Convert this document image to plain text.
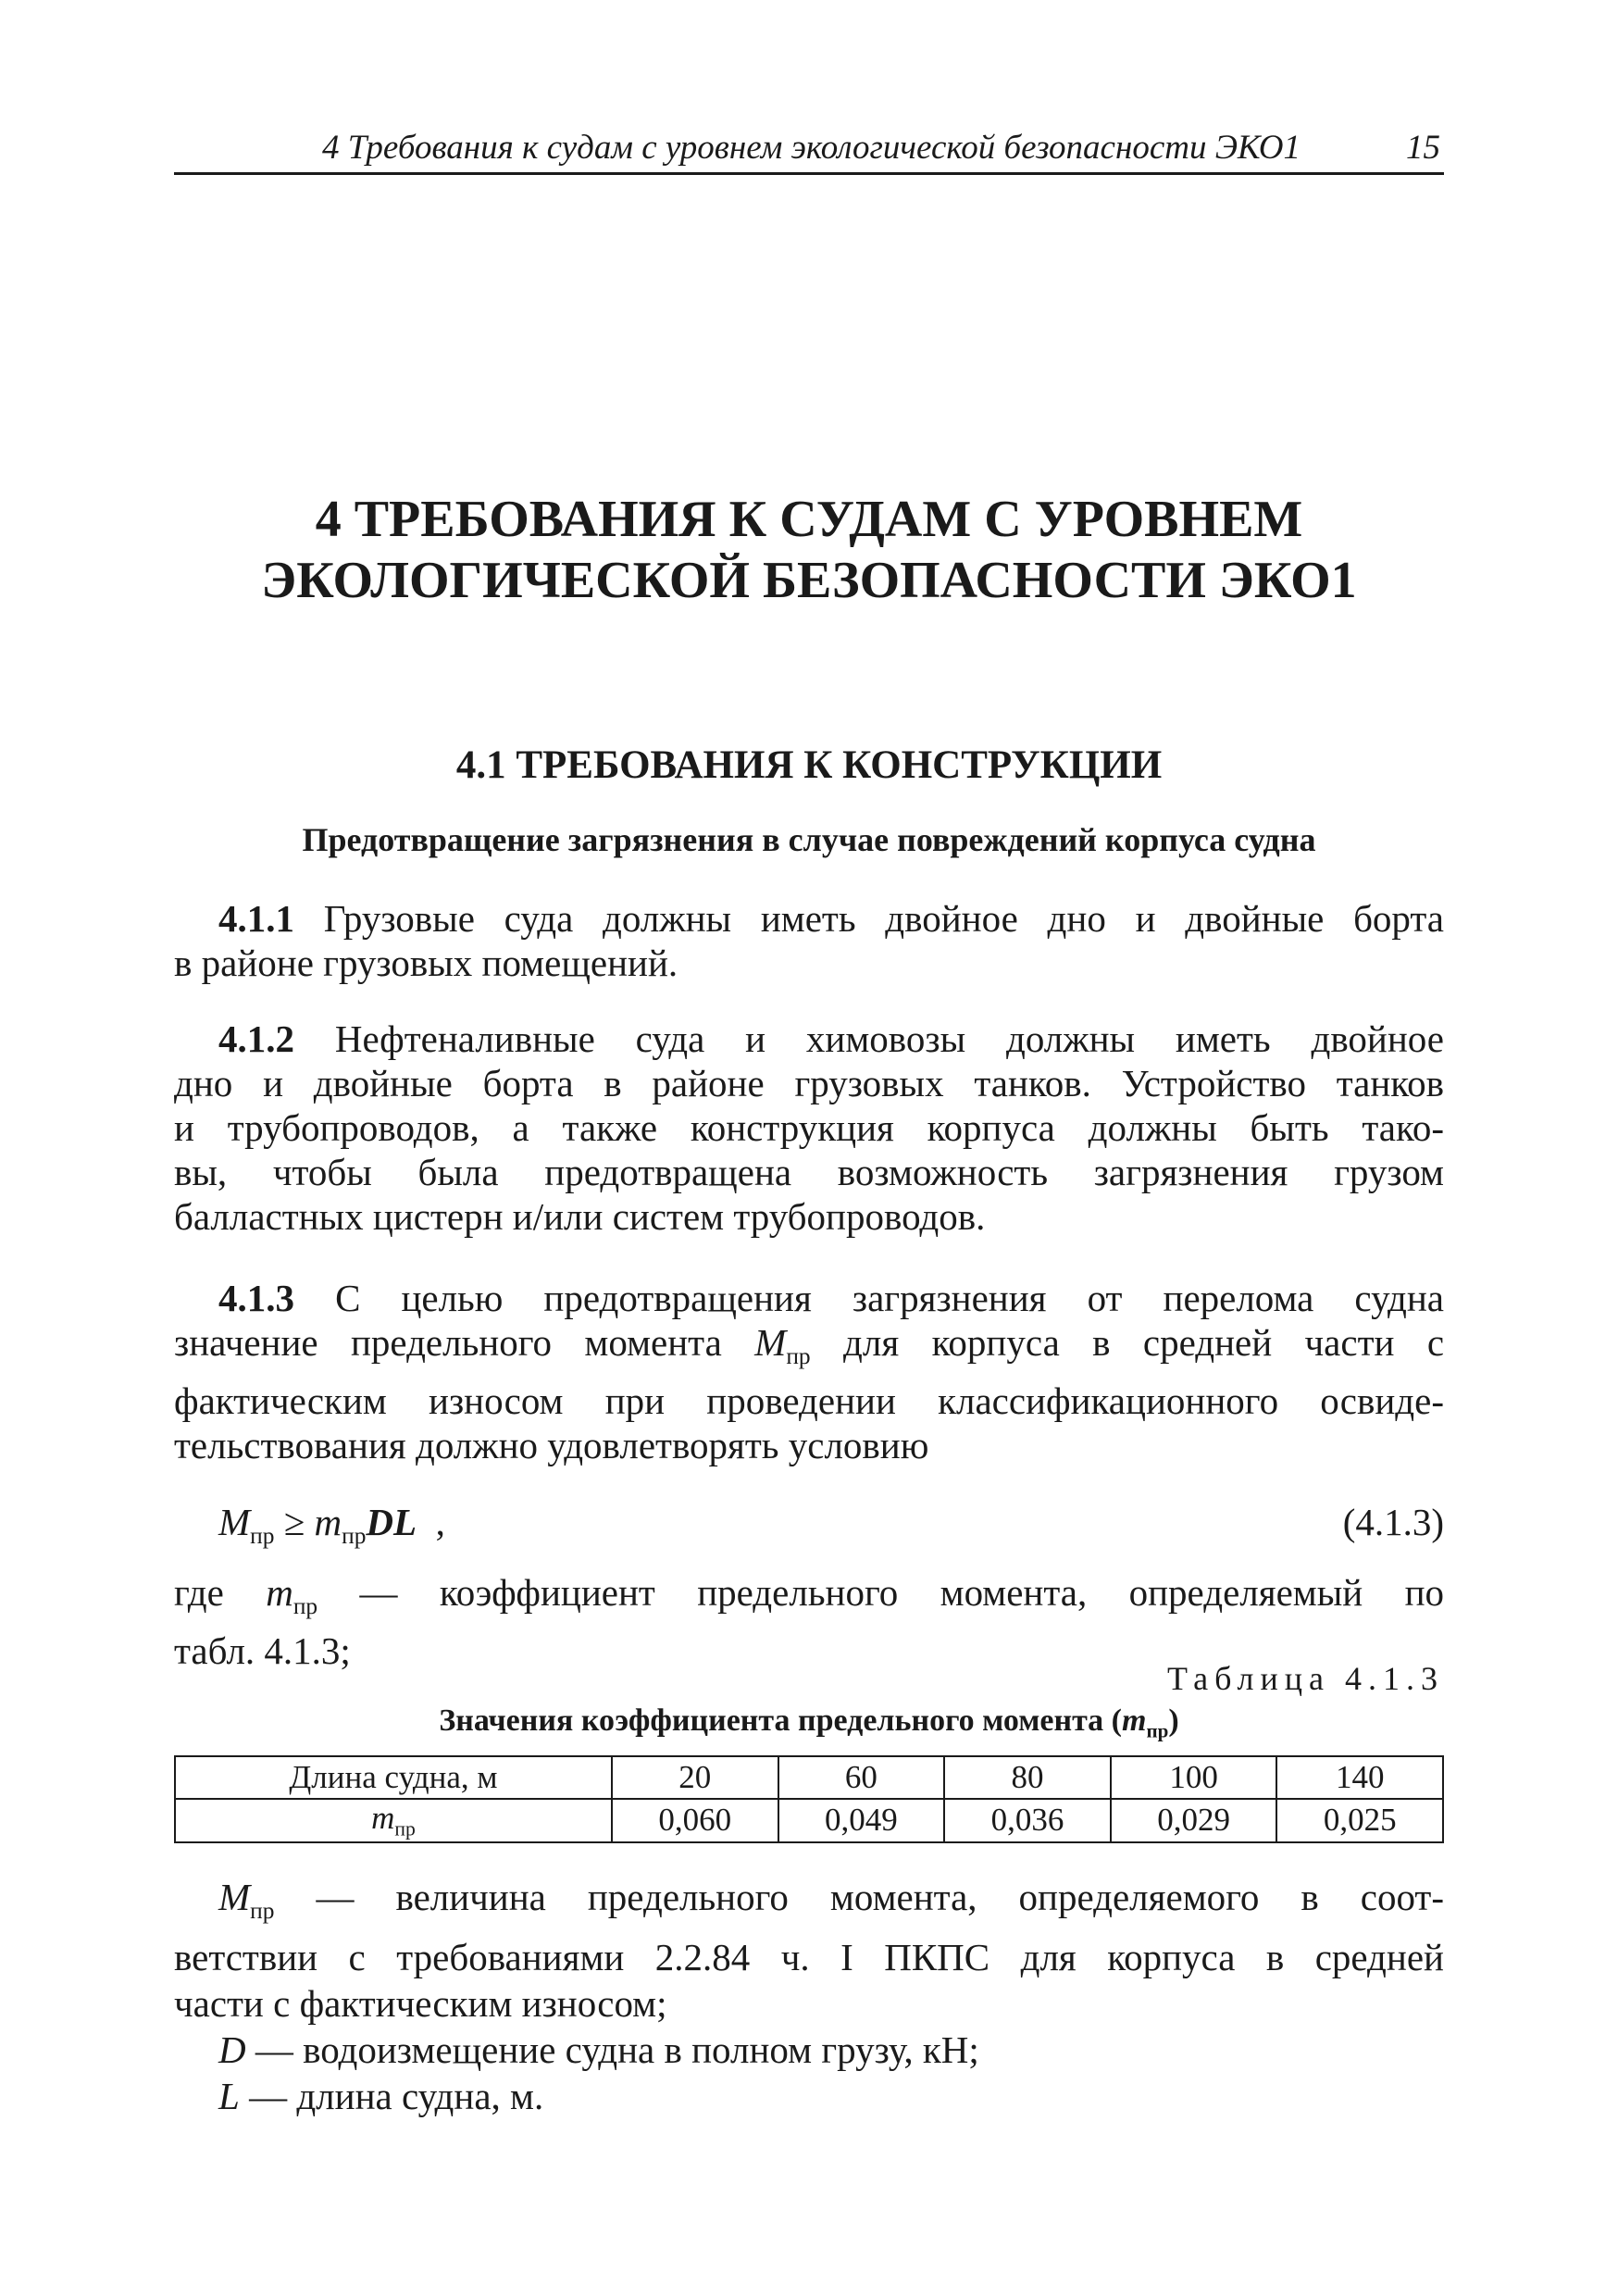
4 Требования к судам с уровнем экологической безопасности ЭКО1	15
4 ТРЕБОВАНИЯ К СУДАМ С УРОВНЕМ
ЭКОЛОГИЧЕСКОЙ БЕЗОПАСНОСТИ ЭКО1
4.1 ТРЕБОВАНИЯ К КОНСТРУКЦИИ
Предотвращение загрязнения в случае повреждений корпуса судна
4.1.1 Грузовые суда должны иметь двойное дно и двойные борта
в районе грузовых помещений.
4.1.2 Нефтеналивные суда и химовозы должны иметь двойное
дно и двойные борта в районе грузовых танков. Устройство танков
и трубопроводов, а также конструкция корпуса должны быть тако-
вы, чтобы была предотвращена возможность загрязнения грузом
балластных цистерн и/или систем трубопроводов.
4.1.3 С целью предотвращения загрязнения от перелома судна
значение предельного момента $M_{пр}$ для корпуса в средней части с
фактическим износом при проведении классификационного освиде-
тельствования должно удовлетворять условию
$M_{пр} \ge m_{пр}DL$ ,	(4.1.3)
где $m_{пр}$ — коэффициент предельного момента, определяемый по
табл. 4.1.3;
Таблица 4.1.3
Значения коэффициента предельного момента $(m_{пр})$
Длина судна, м	20	60	80	100	140
$m_{пр}$	0,060	0,049	0,036	0,029	0,025
$M_{пр}$ — величина предельного момента, определяемого в соот-
ветствии с требованиями 2.2.84 ч. I ПКПС для корпуса в средней
части с фактическим износом;
D — водоизмещение судна в полном грузу, кН;
L — длина судна, м.
